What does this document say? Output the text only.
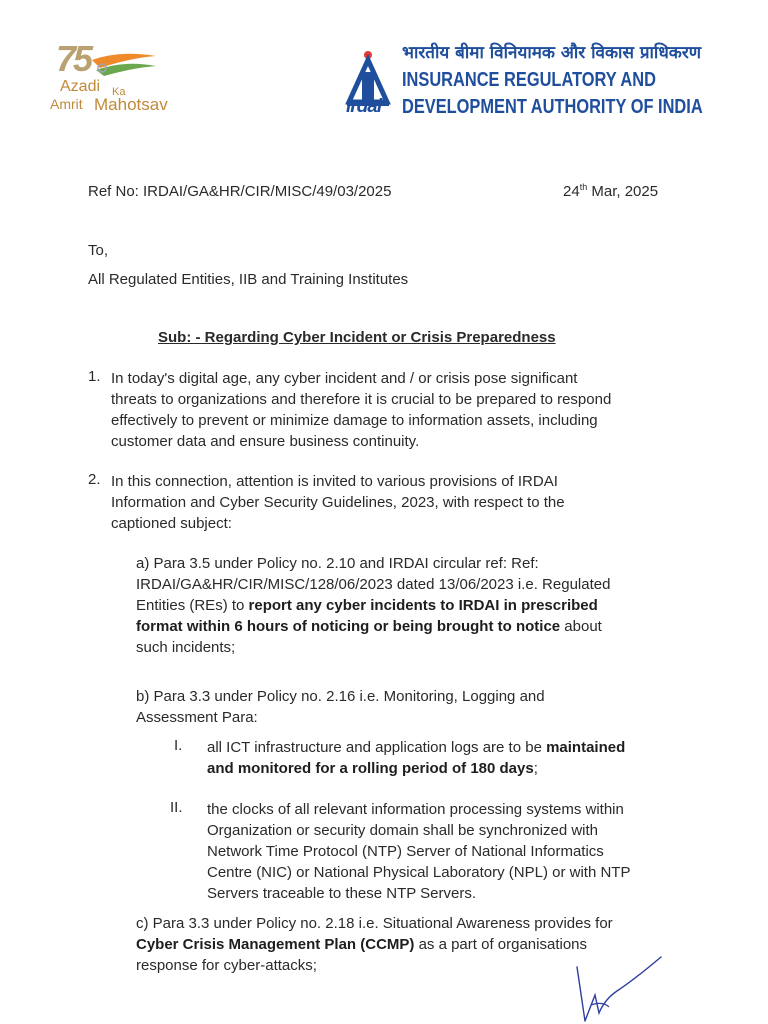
75
Azadi Ka
Amrit Mahotsav	irdai
भारतीय बीमा विनियामक और विकास प्राधिकरण
INSURANCE REGULATORY AND
DEVELOPMENT AUTHORITY OF INDIA
Ref No: IRDAI/GA&HR/CIR/MISC/49/03/2025	24th Mar, 2025
To,
All Regulated Entities, IIB and Training Institutes
Sub: - Regarding Cyber Incident or Crisis Preparedness
1. In today's digital age, any cyber incident and / or crisis pose significant
threats to organizations and therefore it is crucial to be prepared to respond
effectively to prevent or minimize damage to information assets, including
customer data and ensure business continuity.
2. In this connection, attention is invited to various provisions of IRDAI
Information and Cyber Security Guidelines, 2023, with respect to the
captioned subject:
a) Para 3.5 under Policy no. 2.10 and IRDAI circular ref: Ref:
IRDAI/GA&HR/CIR/MISC/128/06/2023 dated 13/06/2023 i.e. Regulated
Entities (REs) to report any cyber incidents to IRDAI in prescribed
format within 6 hours of noticing or being brought to notice about
such incidents;
b) Para 3.3 under Policy no. 2.16 i.e. Monitoring, Logging and
Assessment Para:
I. all ICT infrastructure and application logs are to be maintained
and monitored for a rolling period of 180 days;
II. the clocks of all relevant information processing systems within
Organization or security domain shall be synchronized with
Network Time Protocol (NTP) Server of National Informatics
Centre (NIC) or National Physical Laboratory (NPL) or with NTP
Servers traceable to these NTP Servers.
c) Para 3.3 under Policy no. 2.18 i.e. Situational Awareness provides for
Cyber Crisis Management Plan (CCMP) as a part of organisations
response for cyber-attacks;
